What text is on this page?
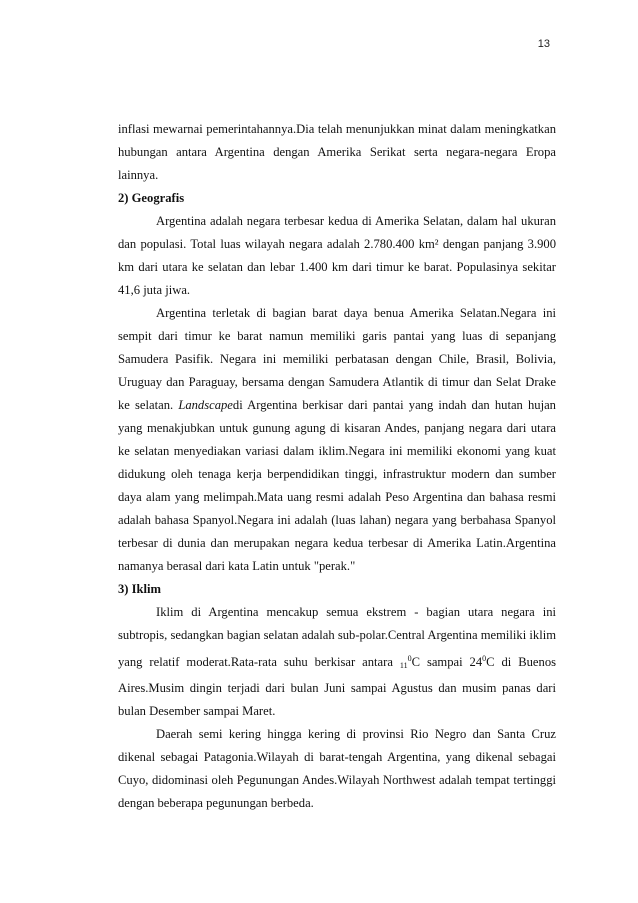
13

inflasi mewarnai pemerintahannya.Dia telah menunjukkan minat dalam meningkatkan hubungan antara Argentina dengan Amerika Serikat serta negara-negara Eropa lainnya.

2) Geografis

Argentina adalah negara terbesar kedua di Amerika Selatan, dalam hal ukuran dan populasi. Total luas wilayah negara adalah 2.780.400 km² dengan panjang 3.900 km dari utara ke selatan dan lebar 1.400 km dari timur ke barat. Populasinya sekitar 41,6 juta jiwa.

Argentina terletak di bagian barat daya benua Amerika Selatan.Negara ini sempit dari timur ke barat namun memiliki garis pantai yang luas di sepanjang Samudera Pasifik. Negara ini memiliki perbatasan dengan Chile, Brasil, Bolivia, Uruguay dan Paraguay, bersama dengan Samudera Atlantik di timur dan Selat Drake ke selatan. Landscapedi Argentina berkisar dari pantai yang indah dan hutan hujan yang menakjubkan untuk gunung agung di kisaran Andes, panjang negara dari utara ke selatan menyediakan variasi dalam iklim.Negara ini memiliki ekonomi yang kuat didukung oleh tenaga kerja berpendidikan tinggi, infrastruktur modern dan sumber daya alam yang melimpah.Mata uang resmi adalah Peso Argentina dan bahasa resmi adalah bahasa Spanyol.Negara ini adalah (luas lahan) negara yang berbahasa Spanyol terbesar di dunia dan merupakan negara kedua terbesar di Amerika Latin.Argentina namanya berasal dari kata Latin untuk "perak."

3) Iklim

Iklim di Argentina mencakup semua ekstrem - bagian utara negara ini subtropis, sedangkan bagian selatan adalah sub-polar.Central Argentina memiliki iklim yang relatif moderat.Rata-rata suhu berkisar antara $_{11}^0$C sampai $24^0C$ di Buenos Aires.Musim dingin terjadi dari bulan Juni sampai Agustus dan musim panas dari bulan Desember sampai Maret.

Daerah semi kering hingga kering di provinsi Rio Negro dan Santa Cruz dikenal sebagai Patagonia.Wilayah di barat-tengah Argentina, yang dikenal sebagai Cuyo, didominasi oleh Pegunungan Andes.Wilayah Northwest adalah tempat tertinggi dengan beberapa pegunungan berbeda.
